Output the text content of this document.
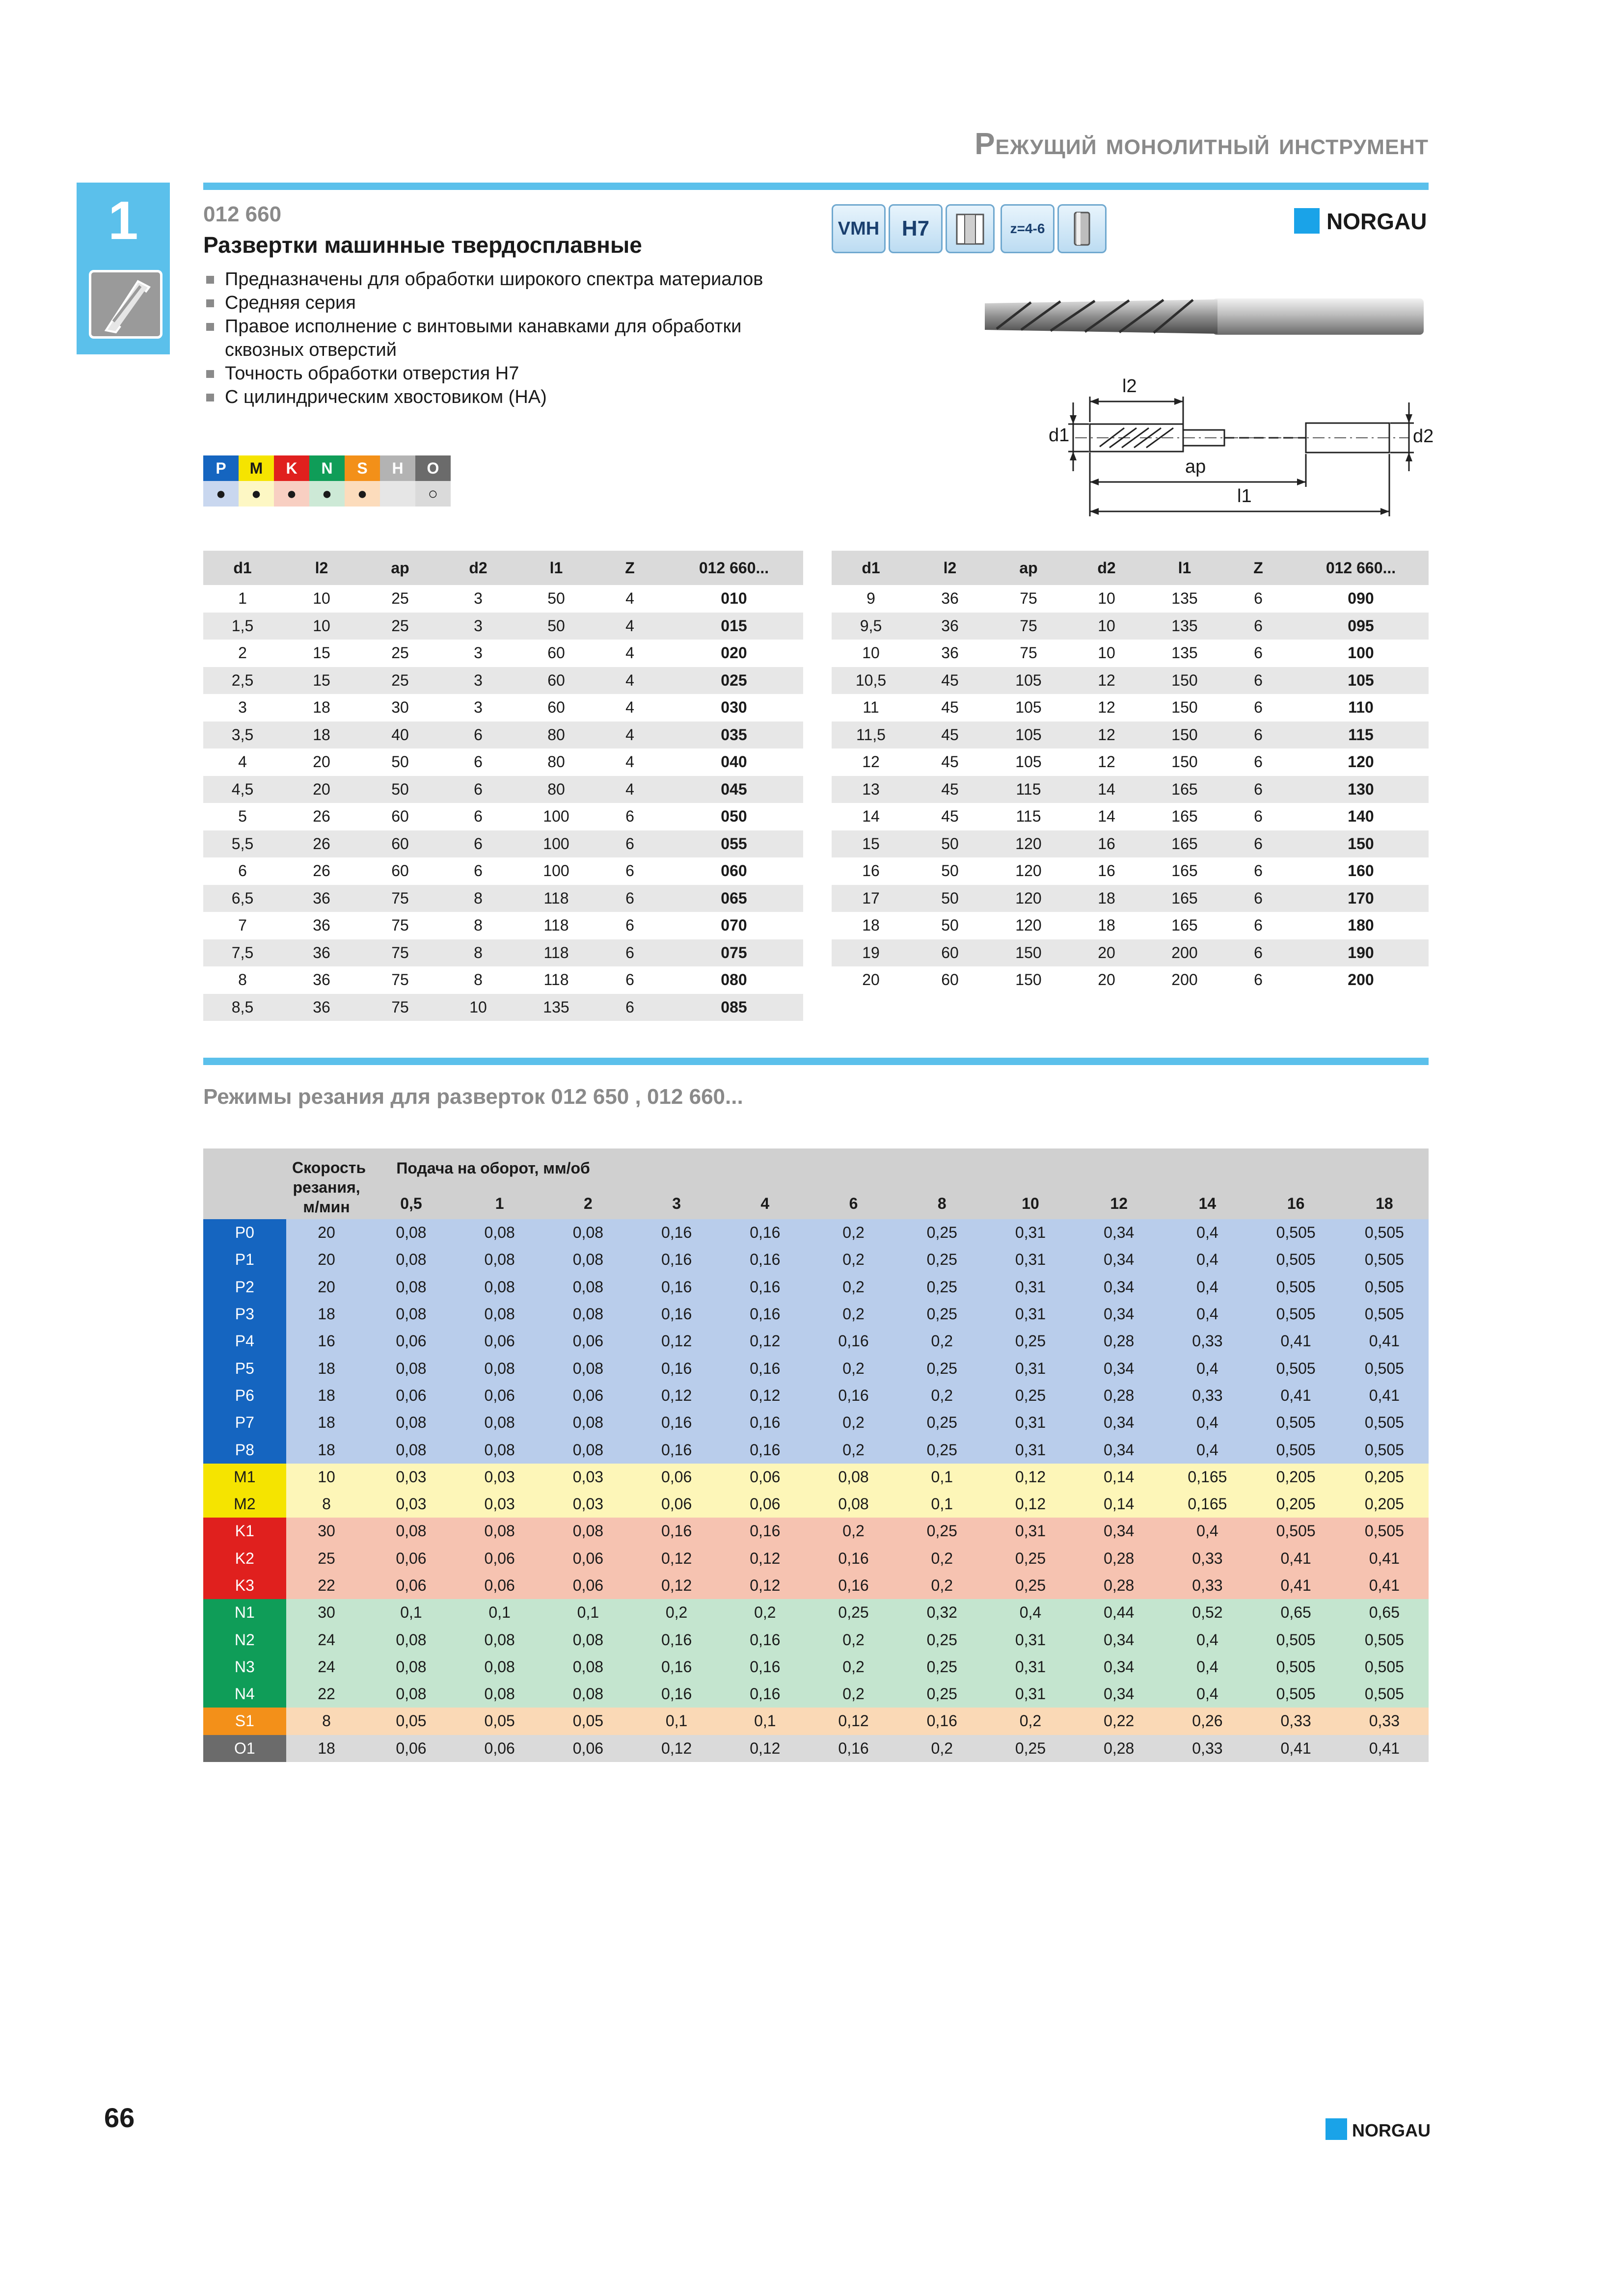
Режущий монолитный инструмент
1	012 660
Развертки машинные твердосплавные
Предназначены для обработки широкого спектра материалов
Средняя серия
Правое исполнение с винтовыми канавками для обработки
сквозных отверстий
Точность обработки отверстия H7
С цилиндрическим хвостовиком (HA)
VMH	H7	z=4-6	NORGAU
l2
d1	d2
ap
l1
P	M	K	N	S	H	O
●	●	●	●	●	○
d1	l2	ap	d2	l1	Z	012 660...
1	10	25	3	50	4	010
1,5	10	25	3	50	4	015
2	15	25	3	60	4	020
2,5	15	25	3	60	4	025
3	18	30	3	60	4	030
3,5	18	40	6	80	4	035
4	20	50	6	80	4	040
4,5	20	50	6	80	4	045
5	26	60	6	100	6	050
5,5	26	60	6	100	6	055
6	26	60	6	100	6	060
6,5	36	75	8	118	6	065
7	36	75	8	118	6	070
7,5	36	75	8	118	6	075
8	36	75	8	118	6	080
8,5	36	75	10	135	6	085
d1	l2	ap	d2	l1	Z	012 660...
9	36	75	10	135	6	090
9,5	36	75	10	135	6	095
10	36	75	10	135	6	100
10,5	45	105	12	150	6	105
11	45	105	12	150	6	110
11,5	45	105	12	150	6	115
12	45	105	12	150	6	120
13	45	115	14	165	6	130
14	45	115	14	165	6	140
15	50	120	16	165	6	150
16	50	120	16	165	6	160
17	50	120	18	165	6	170
18	50	120	18	165	6	180
19	60	150	20	200	6	190
20	60	150	20	200	6	200
Режимы резания для разверток 012 650 , 012 660...

	Скорость резания, м/мин	Подача на оборот, мм/об											
		0,5	1	2	3	4	6	8	10	12	14	16	18
P0	20	0,08	0,08	0,08	0,16	0,16	0,2	0,25	0,31	0,34	0,4	0,505	0,505
P1	20	0,08	0,08	0,08	0,16	0,16	0,2	0,25	0,31	0,34	0,4	0,505	0,505
P2	20	0,08	0,08	0,08	0,16	0,16	0,2	0,25	0,31	0,34	0,4	0,505	0,505
P3	18	0,08	0,08	0,08	0,16	0,16	0,2	0,25	0,31	0,34	0,4	0,505	0,505
P4	16	0,06	0,06	0,06	0,12	0,12	0,16	0,2	0,25	0,28	0,33	0,41	0,41
P5	18	0,08	0,08	0,08	0,16	0,16	0,2	0,25	0,31	0,34	0,4	0,505	0,505
P6	18	0,06	0,06	0,06	0,12	0,12	0,16	0,2	0,25	0,28	0,33	0,41	0,41
P7	18	0,08	0,08	0,08	0,16	0,16	0,2	0,25	0,31	0,34	0,4	0,505	0,505
P8	18	0,08	0,08	0,08	0,16	0,16	0,2	0,25	0,31	0,34	0,4	0,505	0,505
M1	10	0,03	0,03	0,03	0,06	0,06	0,08	0,1	0,12	0,14	0,165	0,205	0,205
M2	8	0,03	0,03	0,03	0,06	0,06	0,08	0,1	0,12	0,14	0,165	0,205	0,205
K1	30	0,08	0,08	0,08	0,16	0,16	0,2	0,25	0,31	0,34	0,4	0,505	0,505
K2	25	0,06	0,06	0,06	0,12	0,12	0,16	0,2	0,25	0,28	0,33	0,41	0,41
K3	22	0,06	0,06	0,06	0,12	0,12	0,16	0,2	0,25	0,28	0,33	0,41	0,41
N1	30	0,1	0,1	0,1	0,2	0,2	0,25	0,32	0,4	0,44	0,52	0,65	0,65
N2	24	0,08	0,08	0,08	0,16	0,16	0,2	0,25	0,31	0,34	0,4	0,505	0,505
N3	24	0,08	0,08	0,08	0,16	0,16	0,2	0,25	0,31	0,34	0,4	0,505	0,505
N4	22	0,08	0,08	0,08	0,16	0,16	0,2	0,25	0,31	0,34	0,4	0,505	0,505
S1	8	0,05	0,05	0,05	0,1	0,1	0,12	0,16	0,2	0,22	0,26	0,33	0,33
O1	18	0,06	0,06	0,06	0,12	0,12	0,16	0,2	0,25	0,28	0,33	0,41	0,41
66	NORGAU
